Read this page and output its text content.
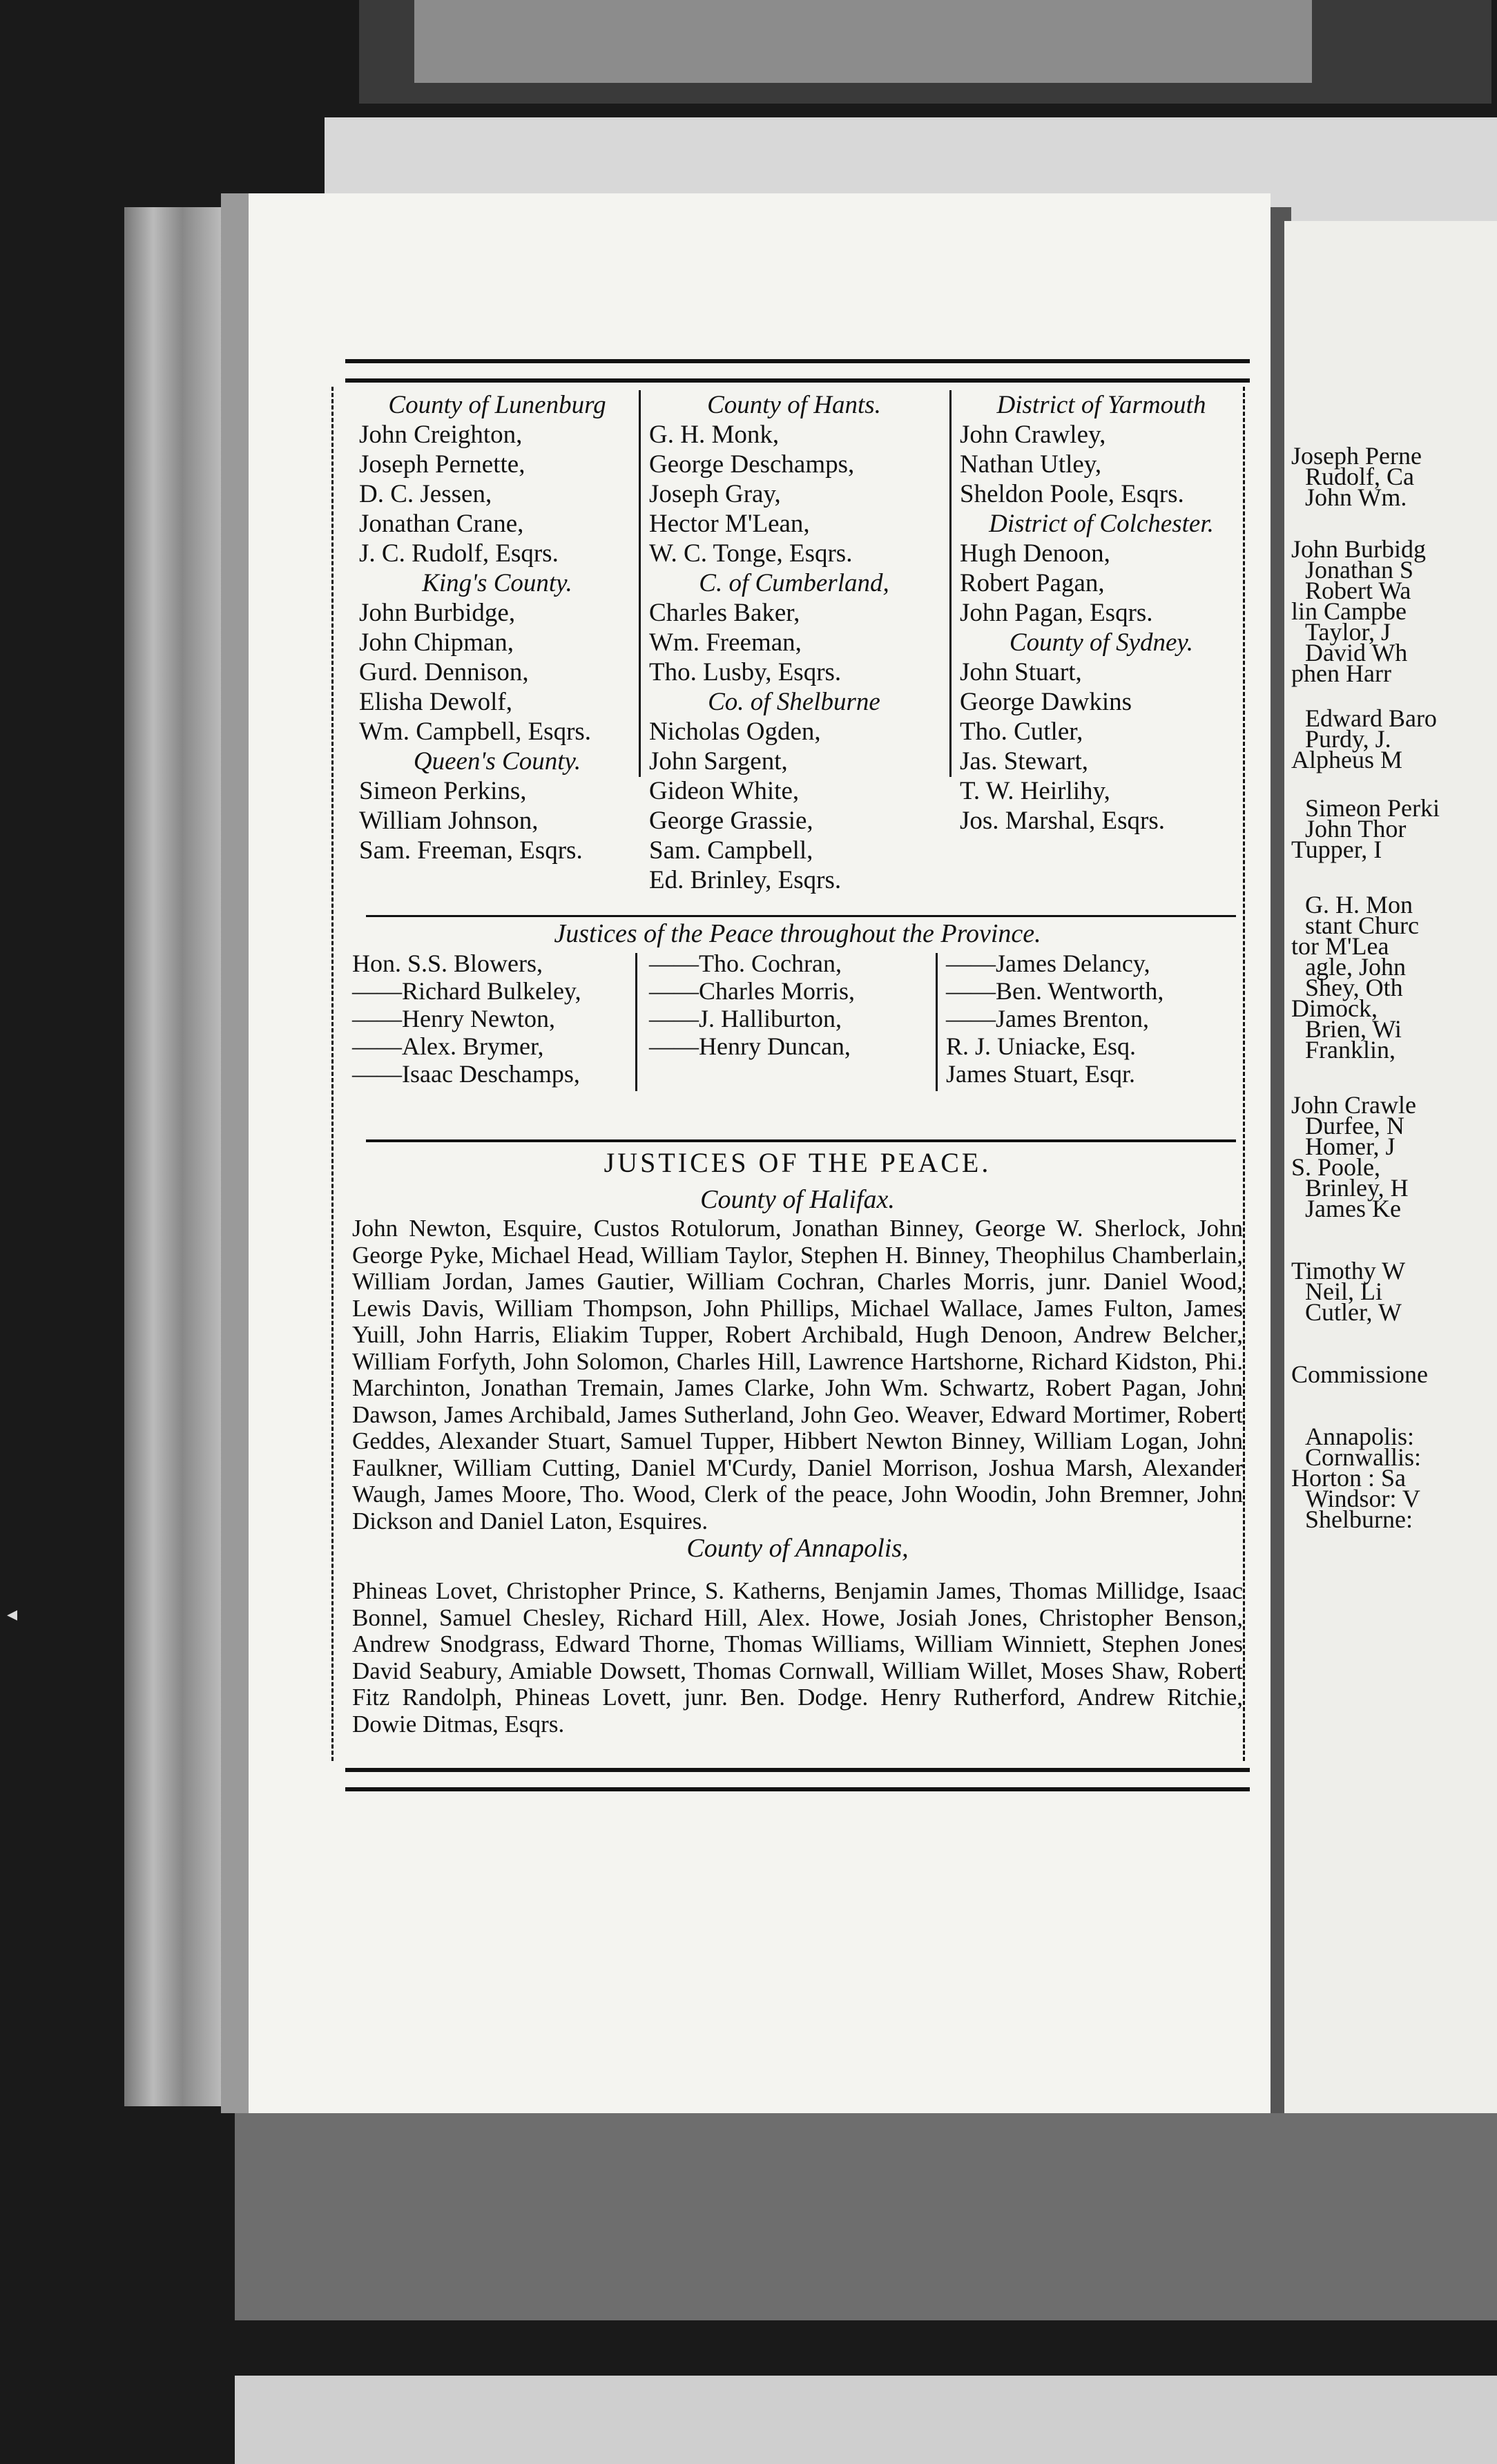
Joseph Perne
Rudolf, Ca
John Wm.
John Burbidg
Jonathan S
Robert Wa
lin Campbe
Taylor, J
David Wh
phen Harr
Edward Baro
Purdy, J.
Alpheus M
Simeon Perki
John Thor
Tupper, I
G. H. Mon
stant Churc
tor M'Lea
agle, John
Shey, Oth
Dimock,
Brien, Wi
Franklin,
John Crawle
Durfee, N
Homer, J
S. Poole,
Brinley, H
James Ke
Timothy W
Neil, Li
Cutler, W
Commissione
Annapolis:
Cornwallis:
Horton : Sa
Windsor: V
Shelburne:
County of Lunenburg
John Creighton,
Joseph Pernette,
D. C. Jessen,
Jonathan Crane,
J. C. Rudolf, Esqrs.
King's County.
John Burbidge,
John Chipman,
Gurd. Dennison,
Elisha Dewolf,
Wm. Campbell, Esqrs.
Queen's County.
Simeon Perkins,
William Johnson,
Sam. Freeman, Esqrs.
County of Hants.
G. H. Monk,
George Deschamps,
Joseph Gray,
Hector M'Lean,
W. C. Tonge, Esqrs.
C. of Cumberland,
Charles Baker,
Wm. Freeman,
Tho. Lusby, Esqrs.
Co. of Shelburne
Nicholas Ogden,
John Sargent,
Gideon White,
George Grassie,
Sam. Campbell,
Ed. Brinley, Esqrs.
District of Yarmouth
John Crawley,
Nathan Utley,
Sheldon Poole, Esqrs.
District of Colchester.
Hugh Denoon,
Robert Pagan,
John Pagan, Esqrs.
County of Sydney.
John Stuart,
George Dawkins
Tho. Cutler,
Jas. Stewart,
T. W. Heirlihy,
Jos. Marshal, Esqrs.
Justices of the Peace throughout the Province.
Hon. S.S. Blowers,
——Richard Bulkeley,
——Henry Newton,
——Alex. Brymer,
——Isaac Deschamps,
——Tho. Cochran,
——Charles Morris,
——J. Halliburton,
——Henry Duncan,
——James Delancy,
——Ben. Wentworth,
——James Brenton,
R. J. Uniacke, Esq.
James Stuart, Esqr.
JUSTICES OF THE PEACE.
County of Halifax.
John Newton, Esquire, Custos Rotulorum, Jonathan Binney, George W. Sherlock, John George Pyke, Michael Head, William Taylor, Stephen H. Binney, Theophilus Chamberlain, William Jordan, James Gautier, William Cochran, Charles Morris, junr. Daniel Wood, Lewis Davis, William Thompson, John Phillips, Michael Wallace, James Fulton, James Yuill, John Harris, Eliakim Tupper, Robert Archibald, Hugh Denoon, Andrew Belcher, William Forfyth, John Solomon, Charles Hill, Lawrence Hartshorne, Richard Kidston, Phi. Marchinton, Jonathan Tremain, James Clarke, John Wm. Schwartz, Robert Pagan, John Dawson, James Archibald, James Sutherland, John Geo. Weaver, Edward Mortimer, Robert Geddes, Alexander Stuart, Samuel Tupper, Hibbert Newton Binney, William Logan, John Faulkner, William Cutting, Daniel M'Curdy, Daniel Morrison, Joshua Marsh, Alexander Waugh, James Moore, Tho. Wood, Clerk of the peace, John Woodin, John Bremner, John Dickson and Daniel Laton, Esquires.
County of Annapolis,
Phineas Lovet, Christopher Prince, S. Katherns, Benjamin James, Thomas Millidge, Isaac Bonnel, Samuel Chesley, Richard Hill, Alex. Howe, Josiah Jones, Christopher Benson, Andrew Snodgrass, Edward Thorne, Thomas Williams, William Winniett, Stephen Jones David Seabury, Amiable Dowsett, Thomas Cornwall, William Willet, Moses Shaw, Robert Fitz Randolph, Phineas Lovett, junr. Ben. Dodge. Henry Rutherford, Andrew Ritchie, Dowie Ditmas, Esqrs.
◂
